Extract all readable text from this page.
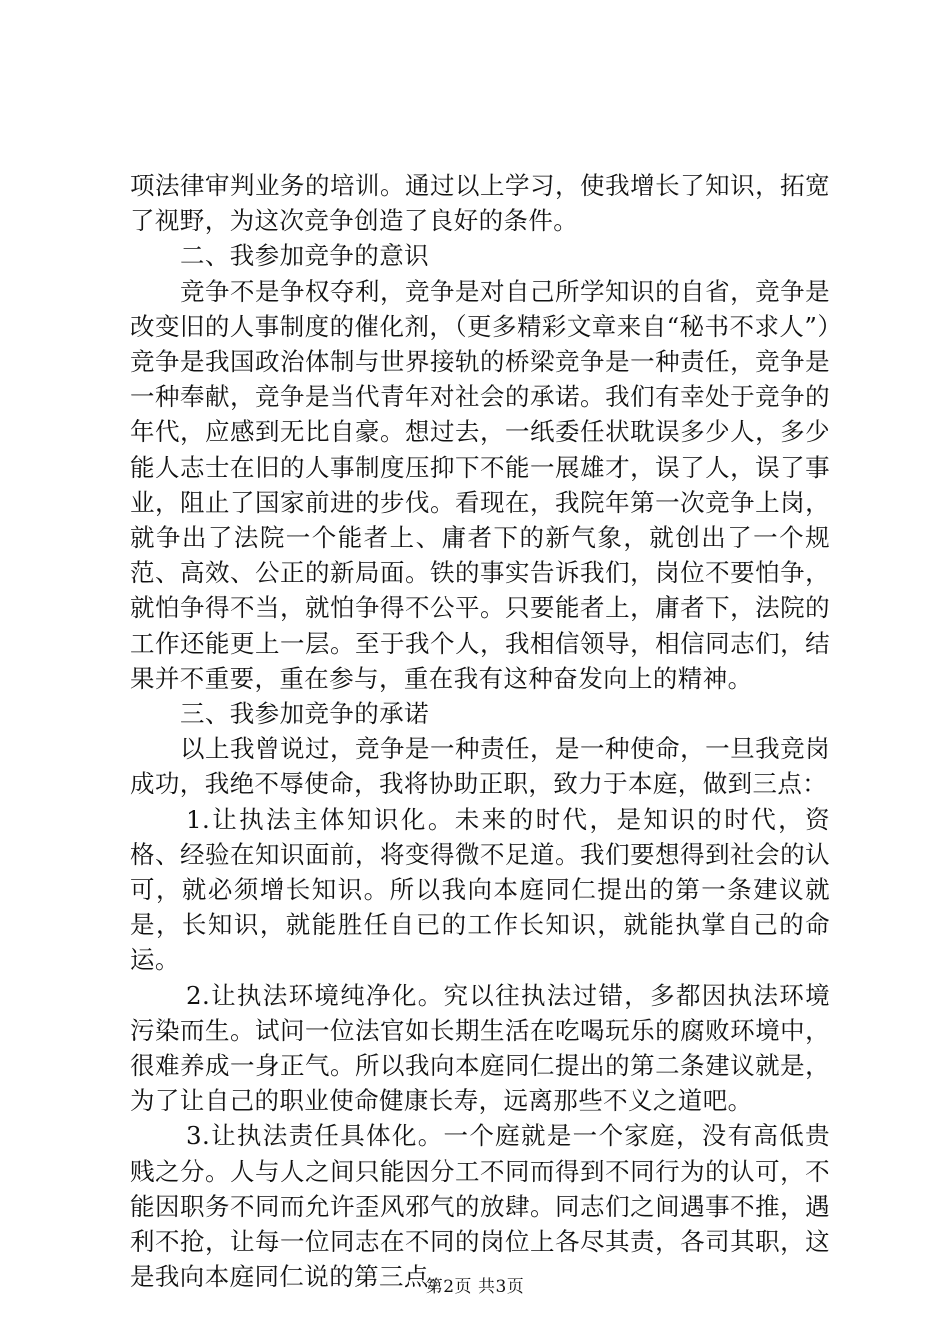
项法律审判业务的培训。通过以上学习，使我增长了知识，拓宽了视野，为这次竞争创造了良好的条件。

二、我参加竞争的意识

竞争不是争权夺利，竞争是对自己所学知识的自省，竞争是改变旧的人事制度的催化剂，（更多精彩文章来自“秘书不求人”）竞争是我国政治体制与世界接轨的桥梁竞争是一种责任，竞争是一种奉献，竞争是当代青年对社会的承诺。我们有幸处于竞争的年代，应感到无比自豪。想过去，一纸委任状耽误多少人，多少能人志士在旧的人事制度压抑下不能一展雄才，误了人，误了事业，阻止了国家前进的步伐。看现在，我院年第一次竞争上岗，就争出了法院一个能者上、庸者下的新气象，就创出了一个规范、高效、公正的新局面。铁的事实告诉我们，岗位不要怕争，就怕争得不当，就怕争得不公平。只要能者上，庸者下，法院的工作还能更上一层。至于我个人，我相信领导，相信同志们，结果并不重要，重在参与，重在我有这种奋发向上的精神。

三、我参加竞争的承诺

以上我曾说过，竞争是一种责任，是一种使命，一旦我竞岗成功，我绝不辱使命，我将协助正职，致力于本庭，做到三点：

1.让执法主体知识化。未来的时代，是知识的时代，资格、经验在知识面前，将变得微不足道。我们要想得到社会的认可，就必须增长知识。所以我向本庭同仁提出的第一条建议就是，长知识，就能胜任自已的工作长知识，就能执掌自己的命运。

2.让执法环境纯净化。究以往执法过错，多都因执法环境污染而生。试问一位法官如长期生活在吃喝玩乐的腐败环境中，很难养成一身正气。所以我向本庭同仁提出的第二条建议就是，为了让自己的职业使命健康长寿，远离那些不义之道吧。

3.让执法责任具体化。一个庭就是一个家庭，没有高低贵贱之分。人与人之间只能因分工不同而得到不同行为的认可，不能因职务不同而允许歪风邪气的放肆。同志们之间遇事不推，遇利不抢，让每一位同志在不同的岗位上各尽其责，各司其职，这是我向本庭同仁说的第三点。

第2页 共3页
